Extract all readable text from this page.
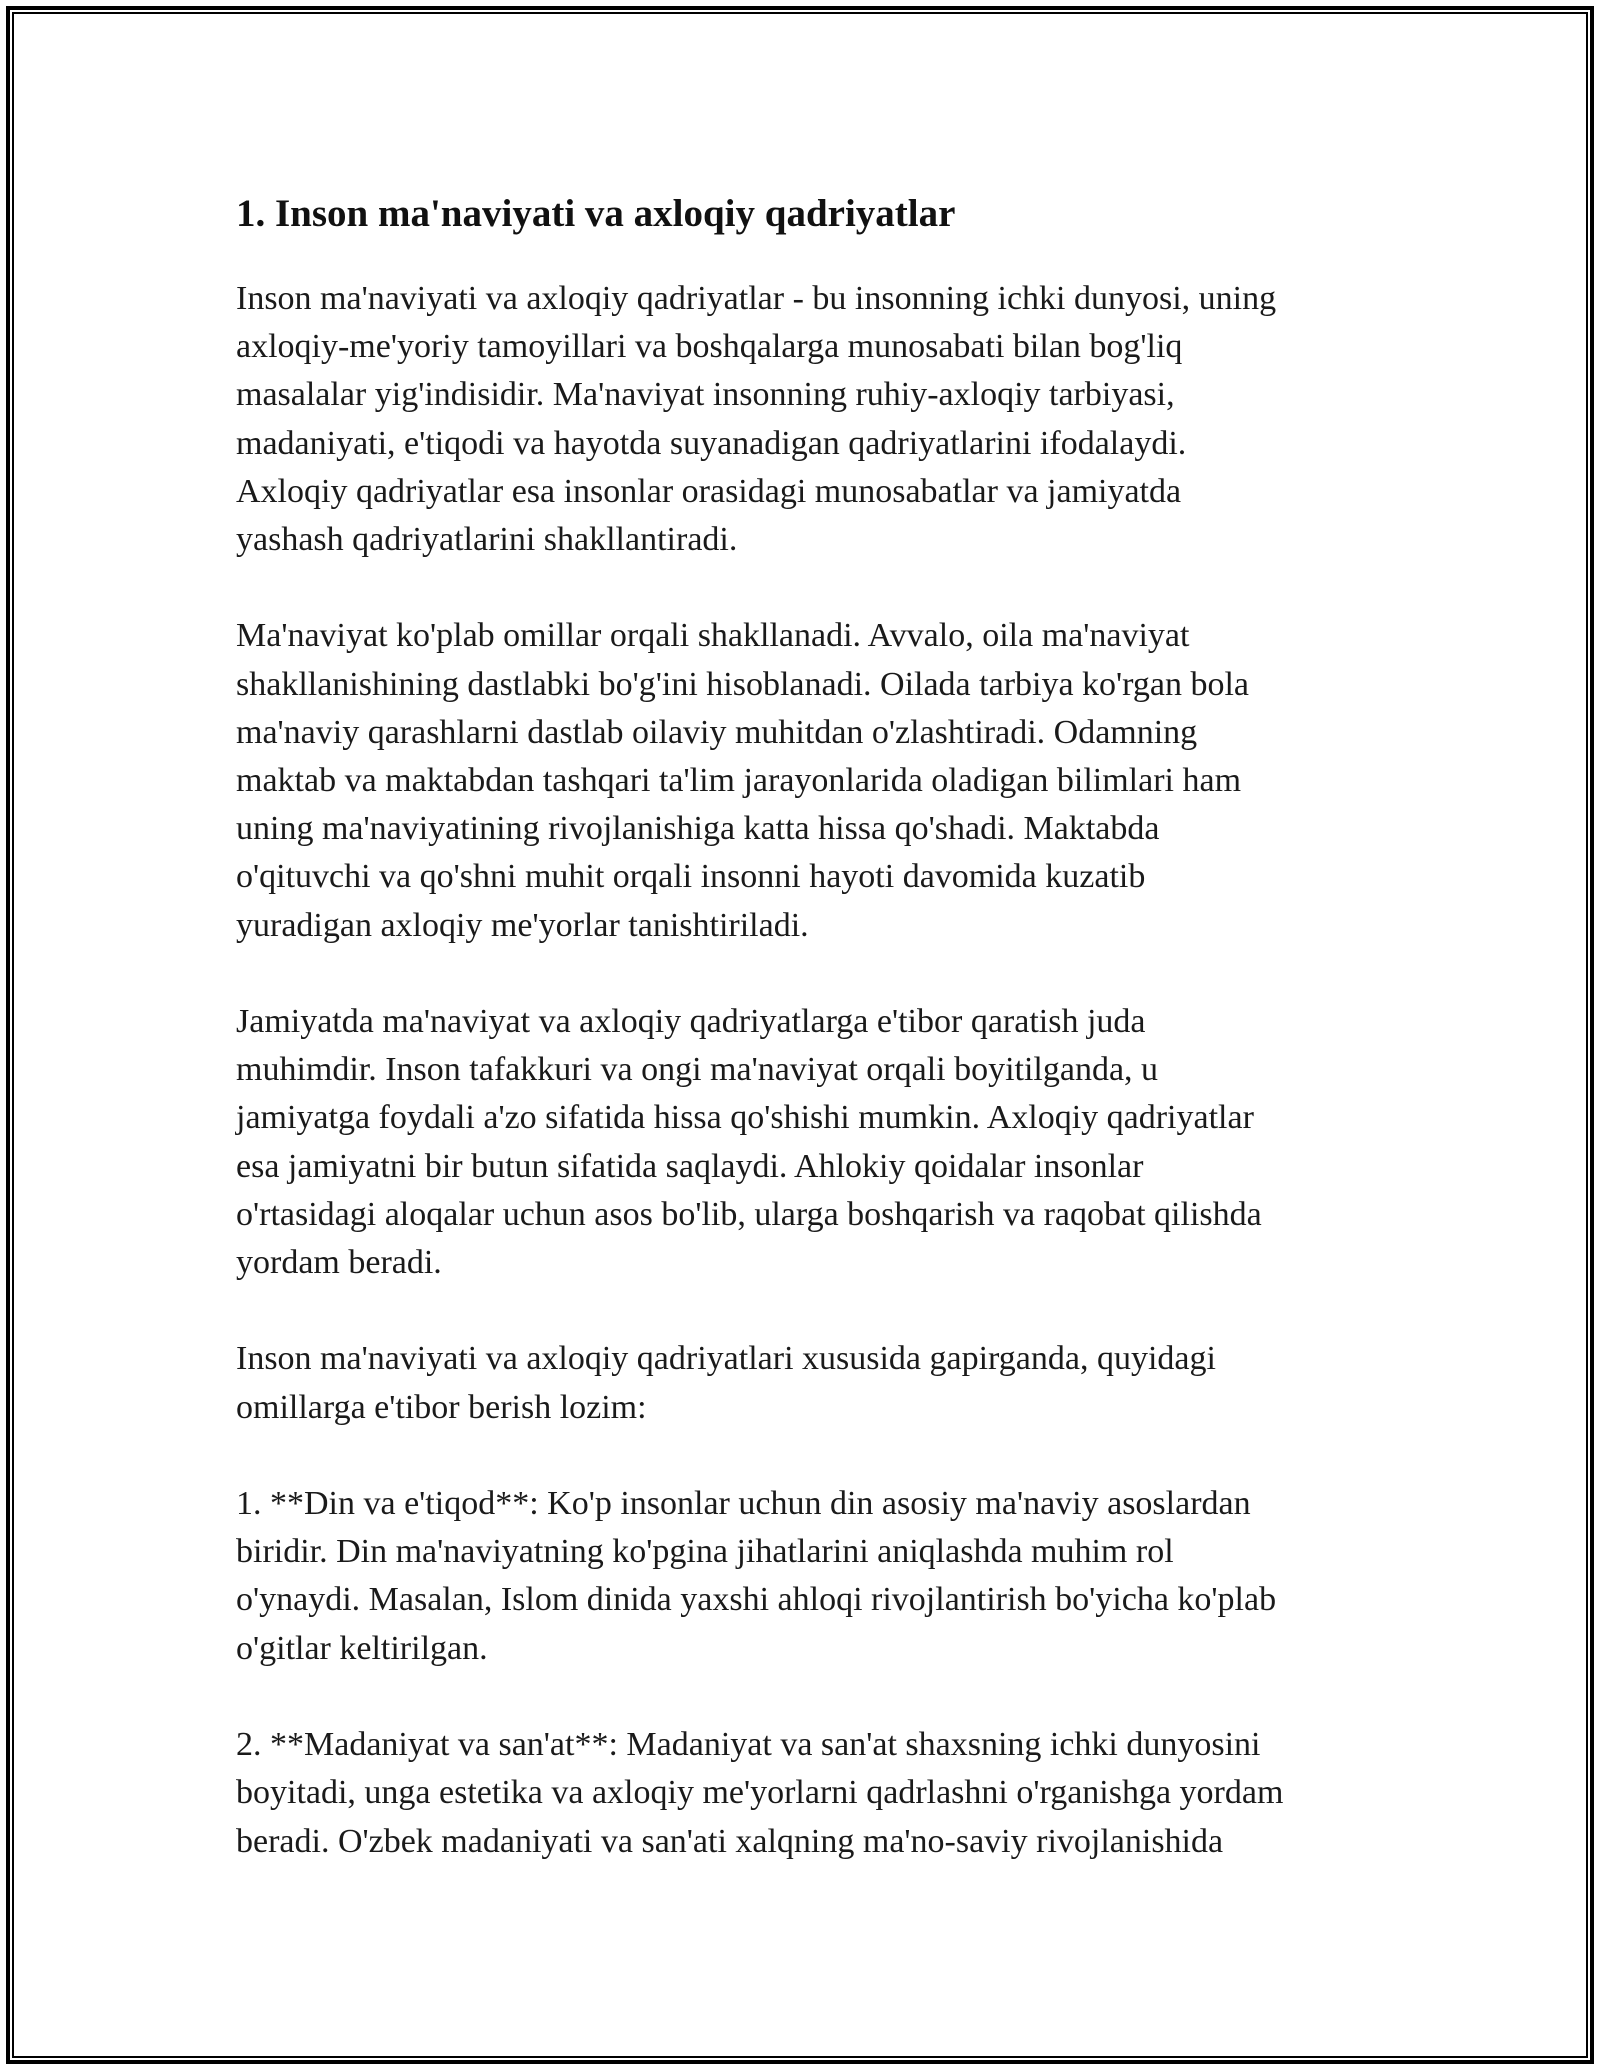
1. Inson ma'naviyati va axloqiy qadriyatlar

Inson ma'naviyati va axloqiy qadriyatlar - bu insonning ichki dunyosi, uning
axloqiy-me'yoriy tamoyillari va boshqalarga munosabati bilan bog'liq
masalalar yig'indisidir. Ma'naviyat insonning ruhiy-axloqiy tarbiyasi,
madaniyati, e'tiqodi va hayotda suyanadigan qadriyatlarini ifodalaydi.
Axloqiy qadriyatlar esa insonlar orasidagi munosabatlar va jamiyatda
yashash qadriyatlarini shakllantiradi.

Ma'naviyat ko'plab omillar orqali shakllanadi. Avvalo, oila ma'naviyat
shakllanishining dastlabki bo'g'ini hisoblanadi. Oilada tarbiya ko'rgan bola
ma'naviy qarashlarni dastlab oilaviy muhitdan o'zlashtiradi. Odamning
maktab va maktabdan tashqari ta'lim jarayonlarida oladigan bilimlari ham
uning ma'naviyatining rivojlanishiga katta hissa qo'shadi. Maktabda
o'qituvchi va qo'shni muhit orqali insonni hayoti davomida kuzatib
yuradigan axloqiy me'yorlar tanishtiriladi.

Jamiyatda ma'naviyat va axloqiy qadriyatlarga e'tibor qaratish juda
muhimdir. Inson tafakkuri va ongi ma'naviyat orqali boyitilganda, u
jamiyatga foydali a'zo sifatida hissa qo'shishi mumkin. Axloqiy qadriyatlar
esa jamiyatni bir butun sifatida saqlaydi. Ahlokiy qoidalar insonlar
o'rtasidagi aloqalar uchun asos bo'lib, ularga boshqarish va raqobat qilishda
yordam beradi.

Inson ma'naviyati va axloqiy qadriyatlari xususida gapirganda, quyidagi
omillarga e'tibor berish lozim:

1. **Din va e'tiqod**: Ko'p insonlar uchun din asosiy ma'naviy asoslardan
biridir. Din ma'naviyatning ko'pgina jihatlarini aniqlashda muhim rol
o'ynaydi. Masalan, Islom dinida yaxshi ahloqi rivojlantirish bo'yicha ko'plab
o'gitlar keltirilgan.

2. **Madaniyat va san'at**: Madaniyat va san'at shaxsning ichki dunyosini
boyitadi, unga estetika va axloqiy me'yorlarni qadrlashni o'rganishga yordam
beradi. O'zbek madaniyati va san'ati xalqning ma'no-saviy rivojlanishida
